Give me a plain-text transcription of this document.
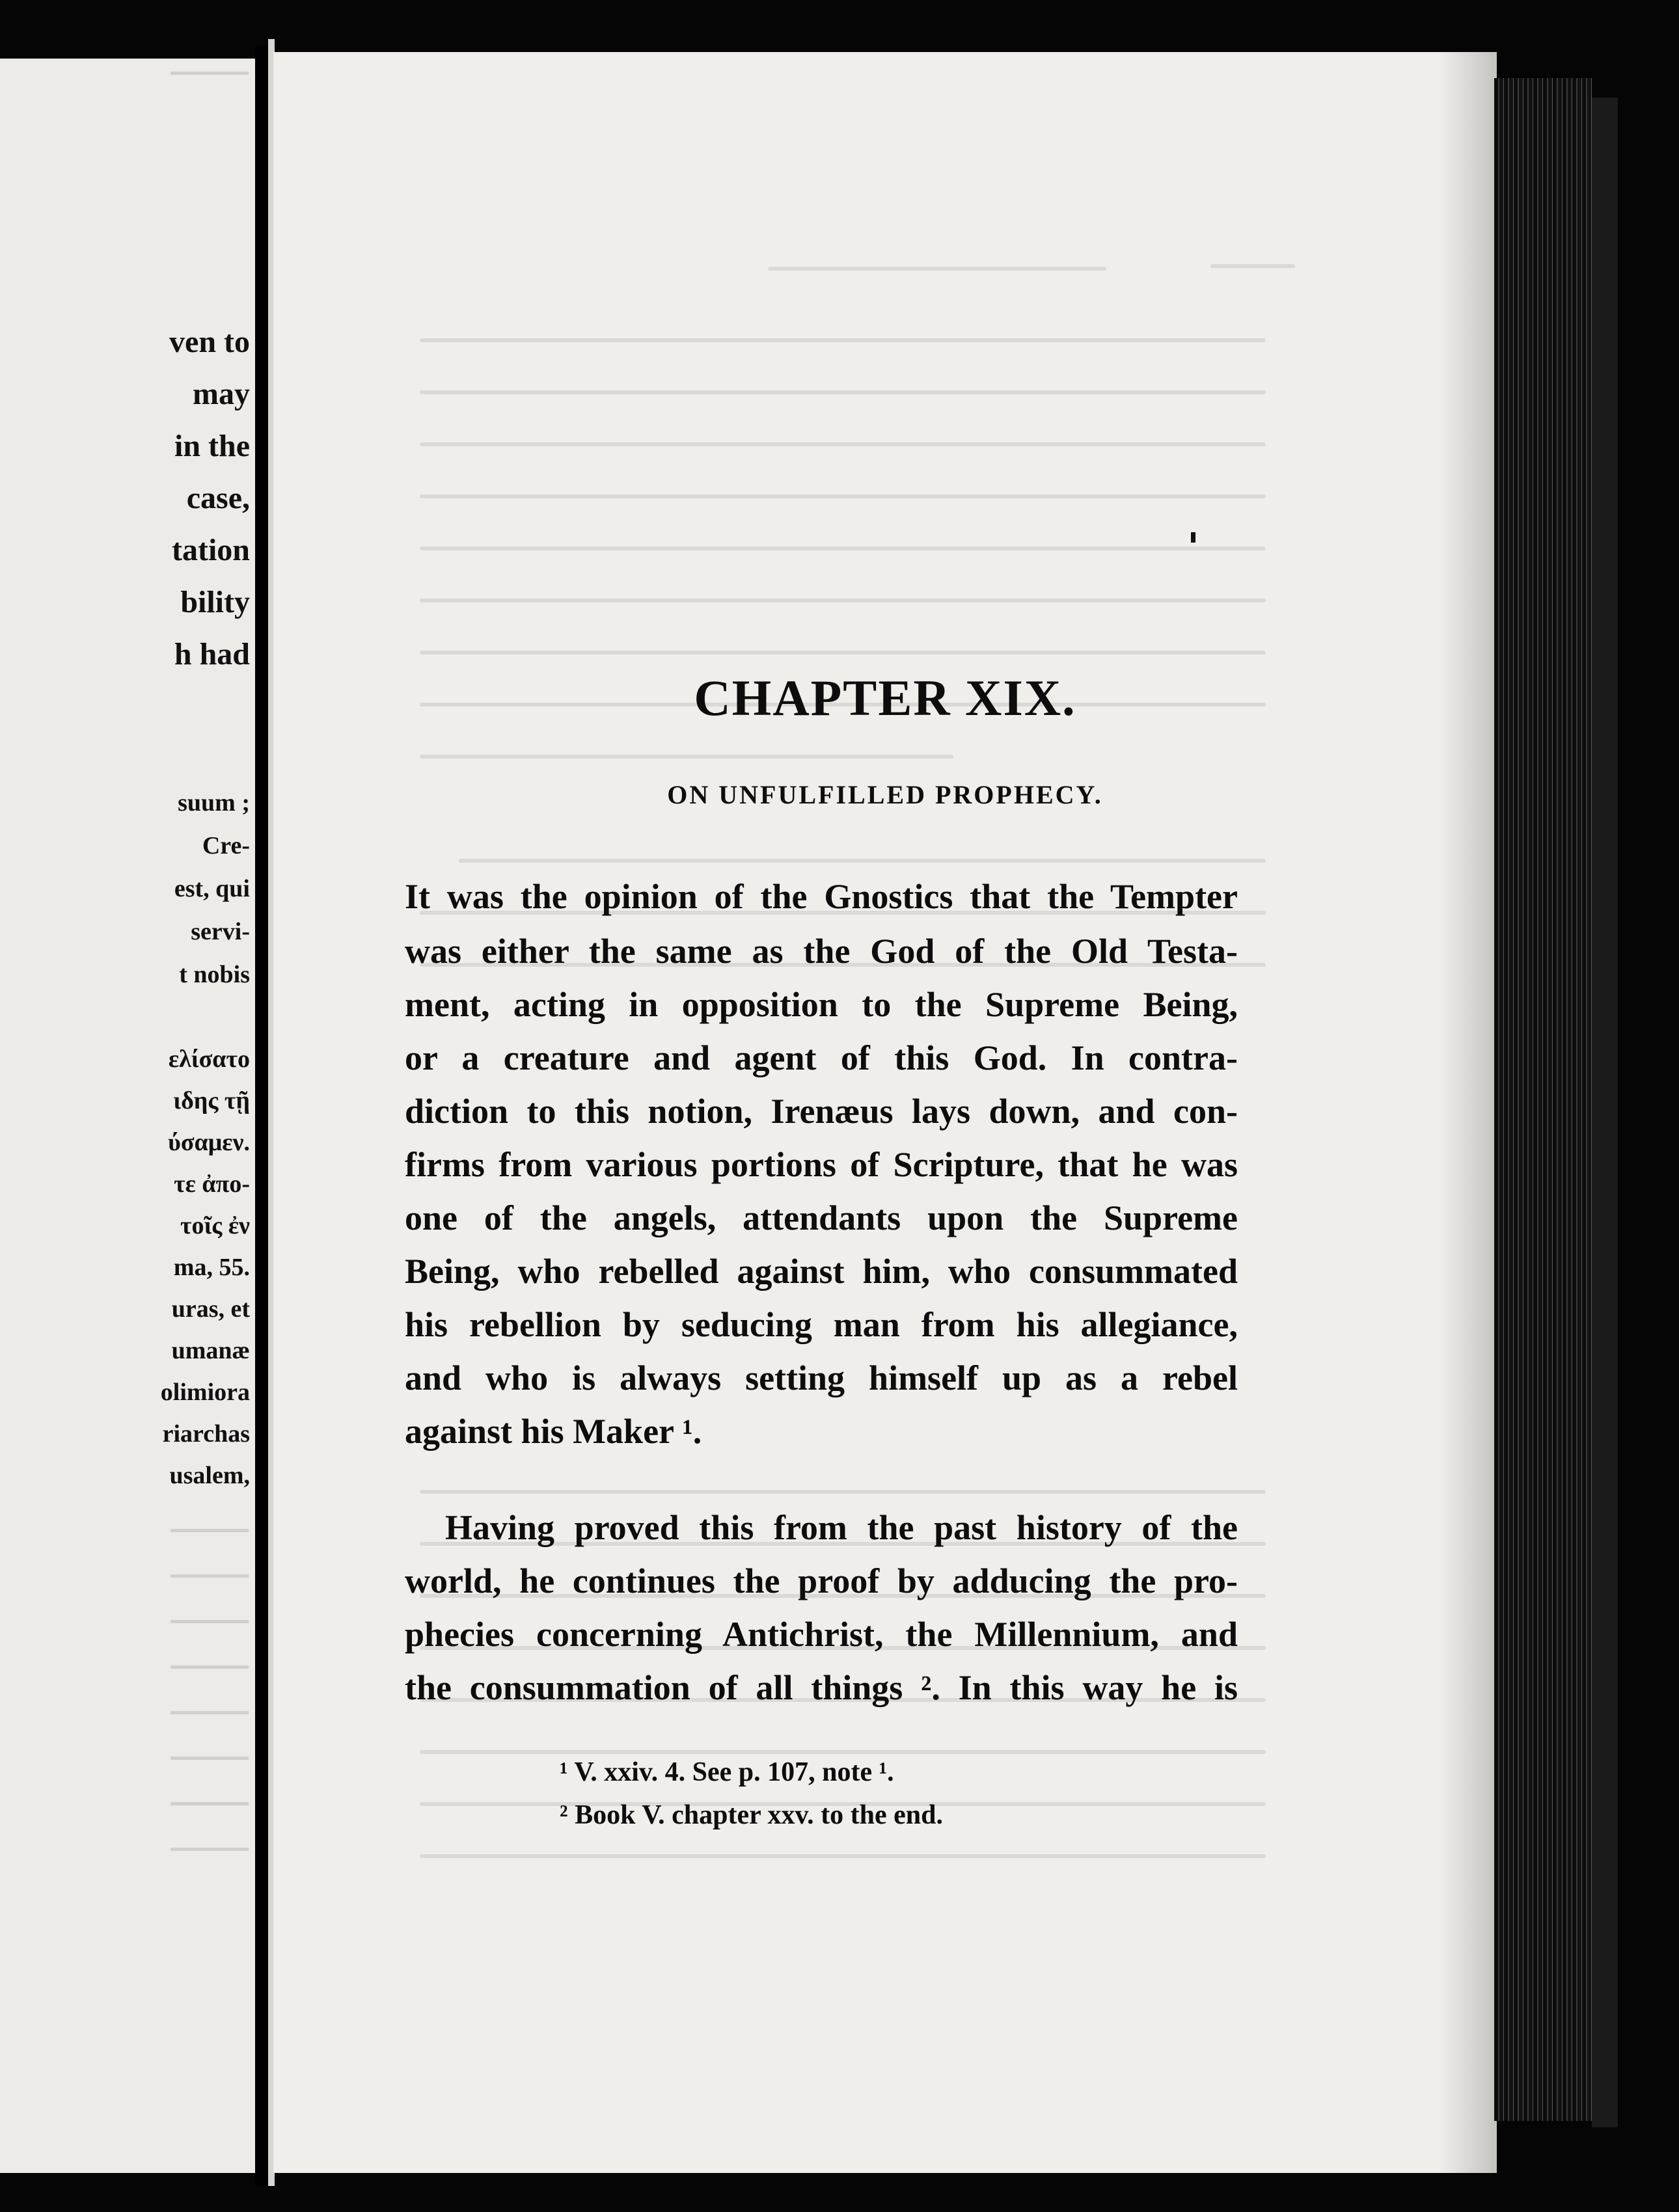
ven to
may
in the
case,
tation
bility
h had
suum ;
Cre-
est, qui
servi-
t nobis
ελίσατο
ιδης τῇ
ύσαμεν.
τε ἀπο-
τοῖς ἐν
ma, 55.
uras, et
umanæ
olimiora
riarchas
usalem,
CHAPTER XIX.
ON UNFULFILLED PROPHECY.
It was the opinion of the Gnostics that the Tempter
was either the same as the God of the Old Testa-
ment, acting in opposition to the Supreme Being,
or a creature and agent of this God. In contra-
diction to this notion, Irenæus lays down, and con-
firms from various portions of Scripture, that he was
one of the angels, attendants upon the Supreme
Being, who rebelled against him, who consummated
his rebellion by seducing man from his allegiance,
and who is always setting himself up as a rebel
against his Maker ¹.
Having proved this from the past history of the
world, he continues the proof by adducing the pro-
phecies concerning Antichrist, the Millennium, and
the consummation of all things ². In this way he is
¹ V. xxiv. 4. See p. 107, note ¹.
² Book V. chapter xxv. to the end.
